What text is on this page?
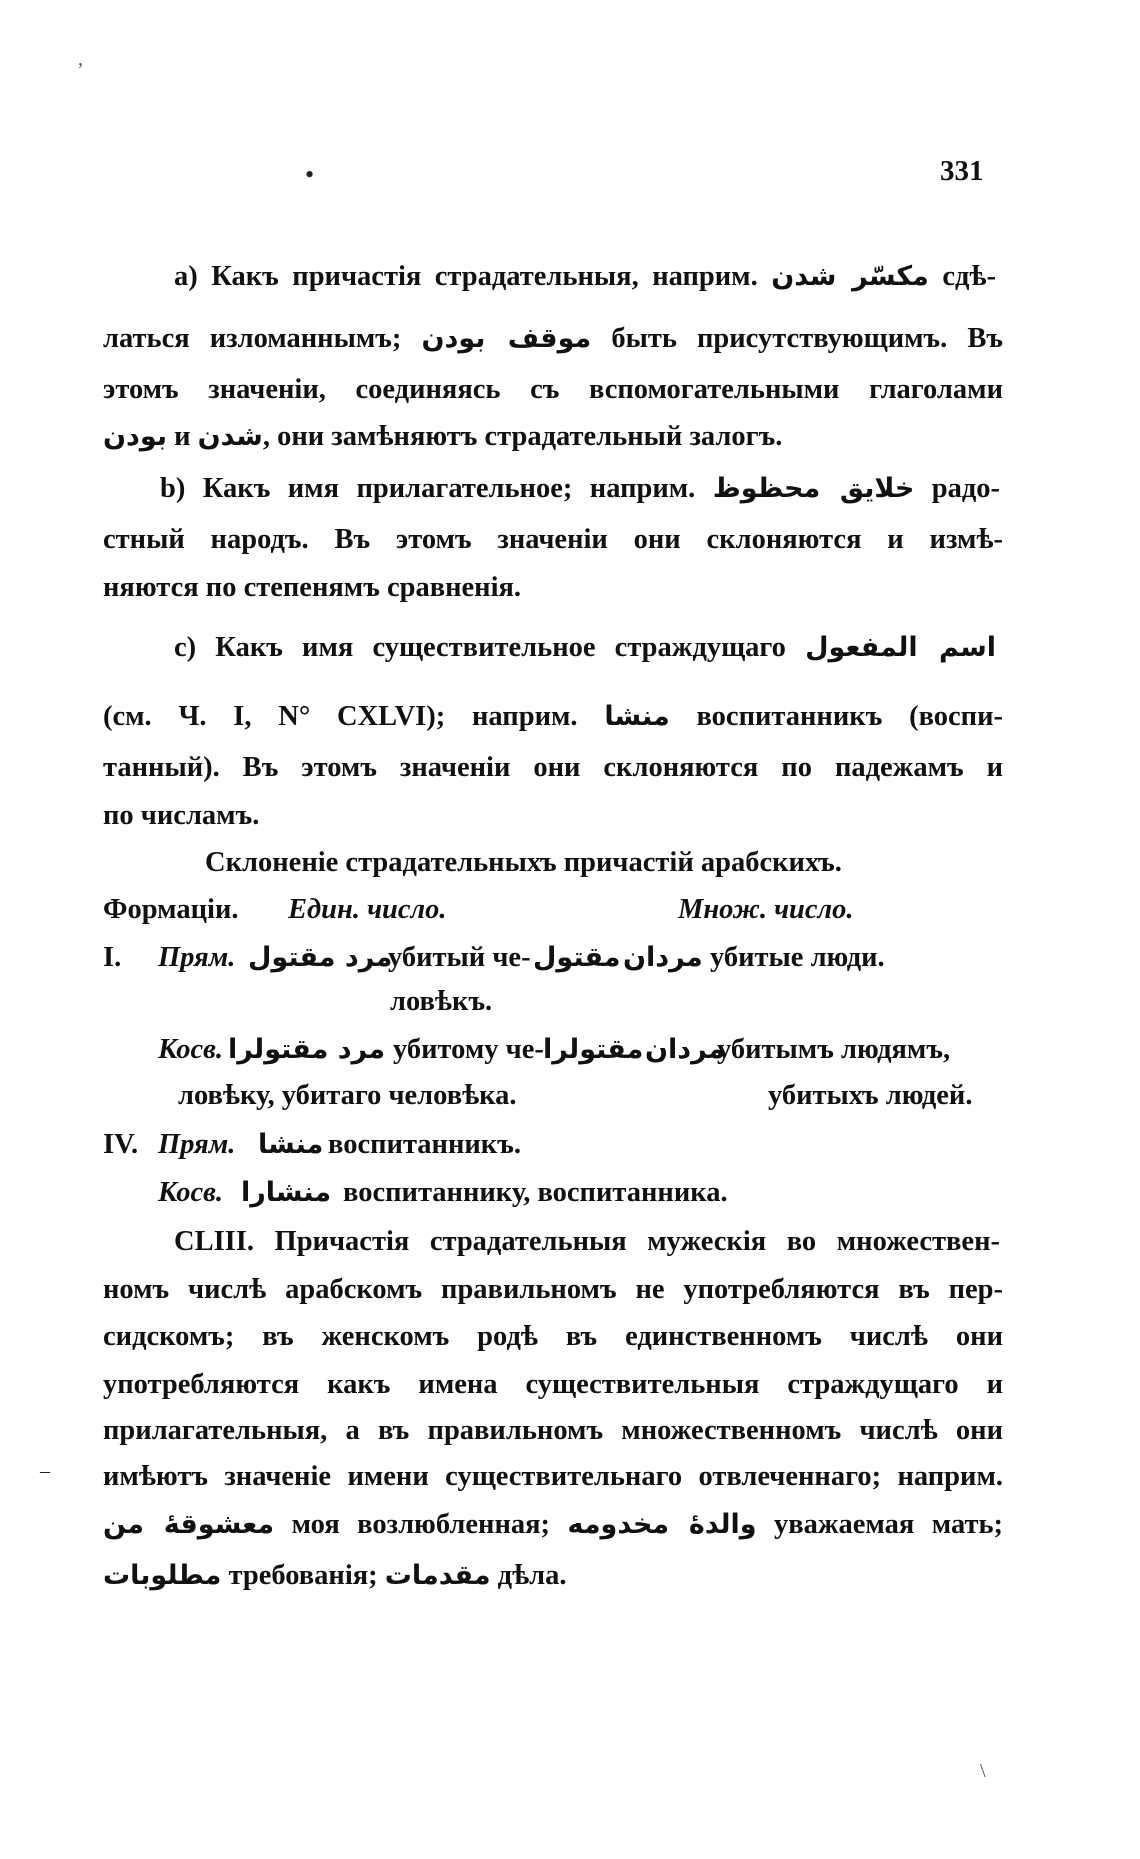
331
а) Какъ причастія страдательныя, наприм. مکسّر شدن сдѣ-
латься изломаннымъ; موقف بودن быть присутствующимъ. Въ
этомъ значеніи, соединяясь съ вспомогательными глаголами
بودن и شدن, они замѣняютъ страдательный залогъ.
b) Какъ имя прилагательное; наприм. خلایق محظوظ радо-
стный народъ. Въ этомъ значеніи они склоняются и измѣ-
няются по степенямъ сравненія.
c) Какъ имя существительное страждущаго اسم المفعول
(см. Ч. I, N° CXLVI); наприм. منشا воспитанникъ (воспи-
танный). Въ этомъ значеніи они склоняются по падежамъ и
по числамъ.
Склоненіе страдательныхъ причастій арабскихъ.
Формаціи. Един. число.	Множ. число.
I. Прям. مرد مقتول
убитый че- مقتول مردان убитые люди.
ловѣкъ.
Косв. مرد مقتولرا убитому че- مقتولرا مردان
убитымъ людямъ,
ловѣку, убитаго человѣка.	убитыхъ людей.
IV. Прям. منشا воспитанникъ.
Косв. منشارا воспитаннику, воспитанника.
CLIII. Причастія страдательныя мужескія во множествен-
номъ числѣ арабскомъ правильномъ не употребляются въ пер-
сидскомъ; въ женскомъ родѣ въ единственномъ числѣ они
употребляются какъ имена существительныя страждущаго и
прилагательныя, а въ правильномъ множественномъ числѣ они
имѣютъ значеніе имени существительнаго отвлеченнаго; наприм.
معشوقهٔ من моя возлюбленная; والدهٔ مخدومه уважаемая мать;
مطلوبات требованія; مقدمات дѣла.
,
•
–
\
